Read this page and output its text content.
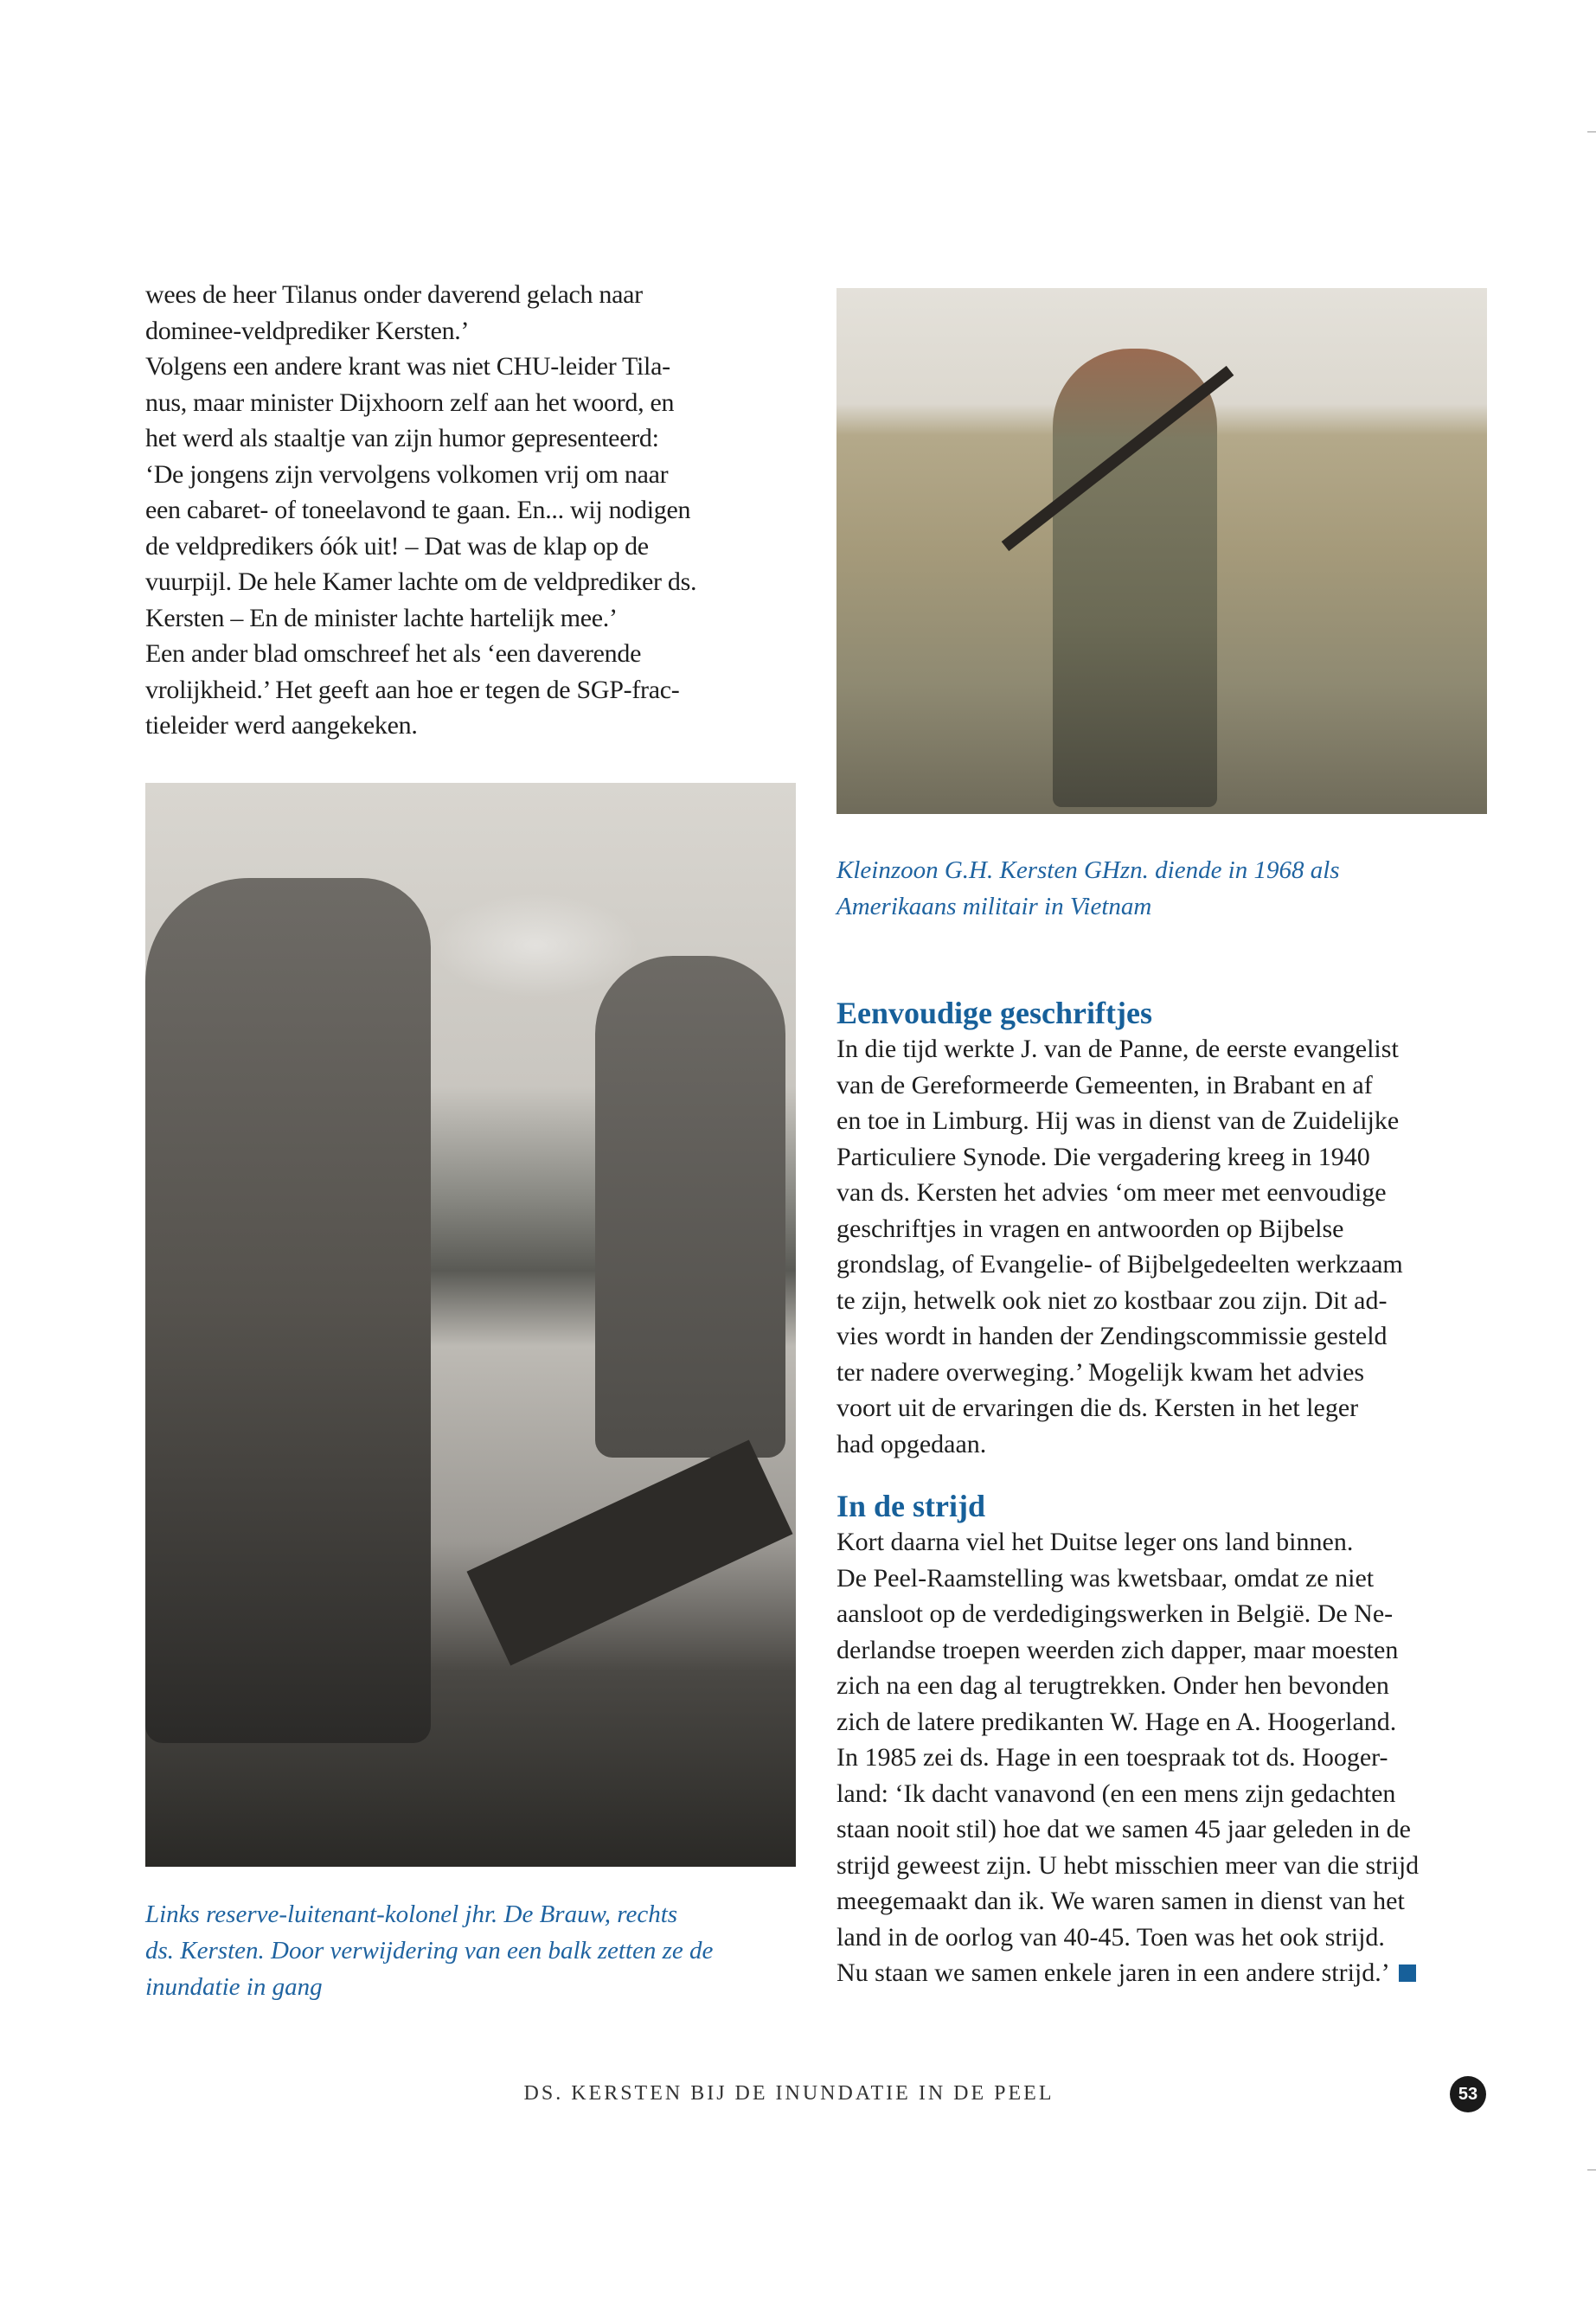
wees de heer Tilanus onder daverend gelach naar
dominee-veldprediker Kersten.’
Volgens een andere krant was niet CHU-leider Tila-
nus, maar minister Dijxhoorn zelf aan het woord, en
het werd als staaltje van zijn humor gepresenteerd:
‘De jongens zijn vervolgens volkomen vrij om naar
een cabaret- of toneelavond te gaan. En... wij nodigen
de veldpredikers óók uit! – Dat was de klap op de
vuurpijl. De hele Kamer lachte om de veldprediker ds.
Kersten – En de minister lachte hartelijk mee.’
Een ander blad omschreef het als ‘een daverende
vrolijkheid.’ Het geeft aan hoe er tegen de SGP-frac-
tieleider werd aangekeken.
Kleinzoon G.H. Kersten GHzn. diende in 1968 als
Amerikaans militair in Vietnam
Links reserve-luitenant-kolonel jhr. De Brauw, rechts
ds. Kersten. Door verwijdering van een balk zetten ze de
inundatie in gang
Eenvoudige geschriftjes
In die tijd werkte J. van de Panne, de eerste evangelist
van de Gereformeerde Gemeenten, in Brabant en af
en toe in Limburg. Hij was in dienst van de Zuidelijke
Particuliere Synode. Die vergadering kreeg in 1940
van ds. Kersten het advies ‘om meer met eenvoudige
geschriftjes in vragen en antwoorden op Bijbelse
grondslag, of Evangelie- of Bijbelgedeelten werkzaam
te zijn, hetwelk ook niet zo kostbaar zou zijn. Dit ad-
vies wordt in handen der Zendingscommissie gesteld
ter nadere overweging.’ Mogelijk kwam het advies
voort uit de ervaringen die ds. Kersten in het leger
had opgedaan.
In de strijd
Kort daarna viel het Duitse leger ons land binnen.
De Peel-Raamstelling was kwetsbaar, omdat ze niet
aansloot op de verdedigingswerken in België. De Ne-
derlandse troepen weerden zich dapper, maar moesten
zich na een dag al terugtrekken. Onder hen bevonden
zich de latere predikanten W. Hage en A. Hoogerland.
In 1985 zei ds. Hage in een toespraak tot ds. Hooger-
land: ‘Ik dacht vanavond (en een mens zijn gedachten
staan nooit stil) hoe dat we samen 45 jaar geleden in de
strijd geweest zijn. U hebt misschien meer van die strijd
meegemaakt dan ik. We waren samen in dienst van het
land in de oorlog van 40-45. Toen was het ook strijd.
Nu staan we samen enkele jaren in een andere strijd.’
DS. KERSTEN BIJ DE INUNDATIE IN DE PEEL	53
